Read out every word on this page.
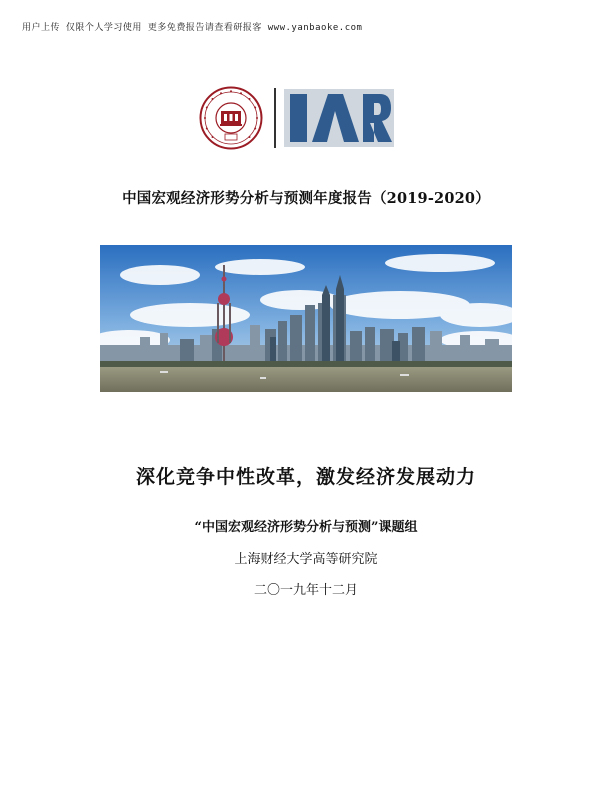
用户上传 仅限个人学习使用 更多免费报告请查看研报客 www.yanbaoke.com
中国宏观经济形势分析与预测年度报告（2019-2020）
深化竞争中性改革，激发经济发展动力
“中国宏观经济形势分析与预测”课题组
上海财经大学高等研究院
二〇一九年十二月
